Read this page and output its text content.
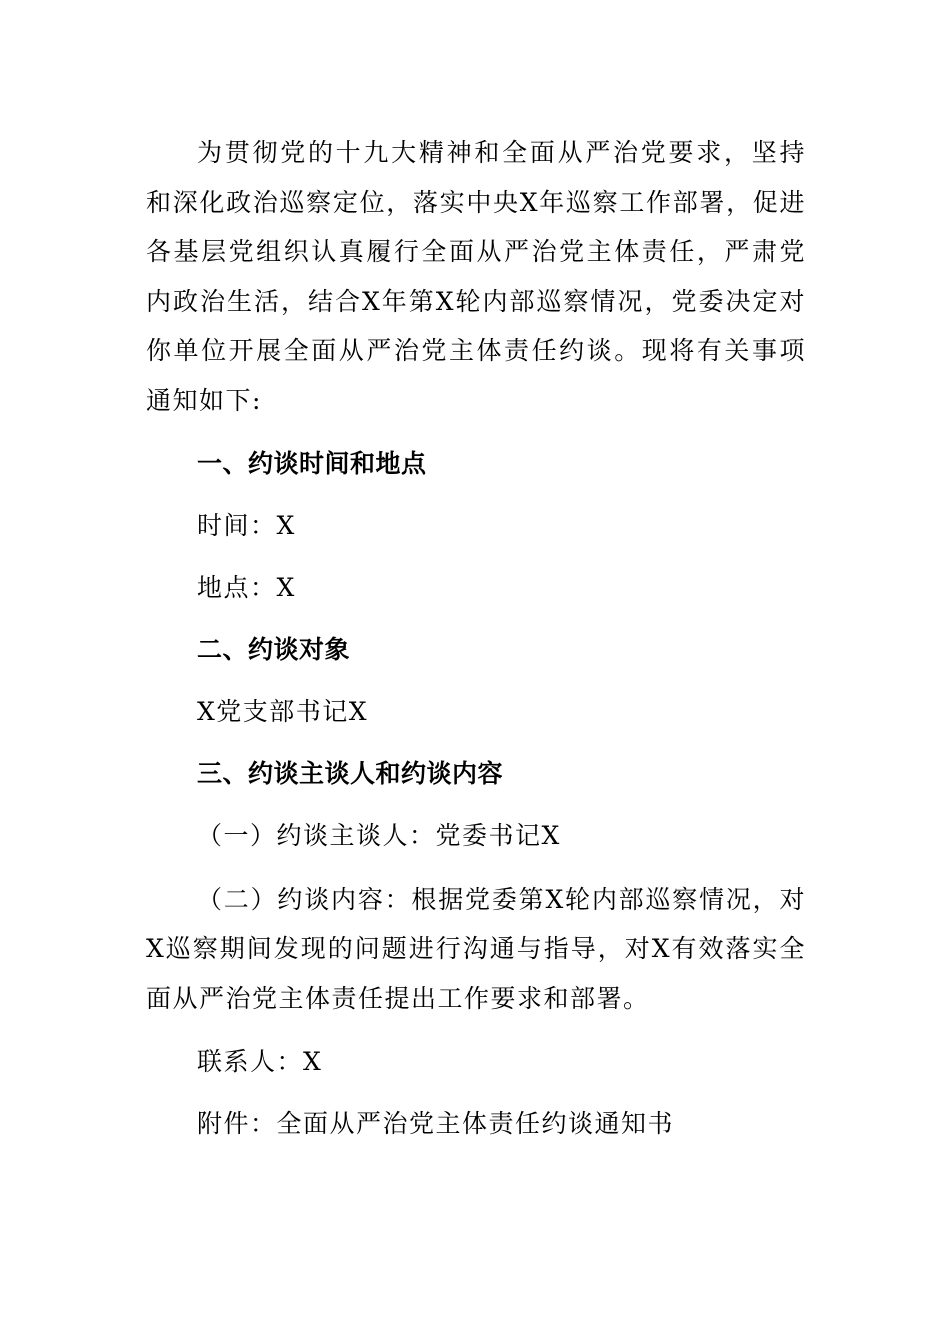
为贯彻党的十九大精神和全面从严治党要求，坚持和深化政治巡察定位，落实中央X年巡察工作部署，促进各基层党组织认真履行全面从严治党主体责任，严肃党内政治生活，结合X年第X轮内部巡察情况，党委决定对你单位开展全面从严治党主体责任约谈。现将有关事项通知如下:

一、约谈时间和地点

时间：X

地点：X

二、约谈对象

X党支部书记X

三、约谈主谈人和约谈内容

（一）约谈主谈人：党委书记X

（二）约谈内容：根据党委第X轮内部巡察情况，对X巡察期间发现的问题进行沟通与指导，对X有效落实全面从严治党主体责任提出工作要求和部署。

联系人：X

附件：全面从严治党主体责任约谈通知书
